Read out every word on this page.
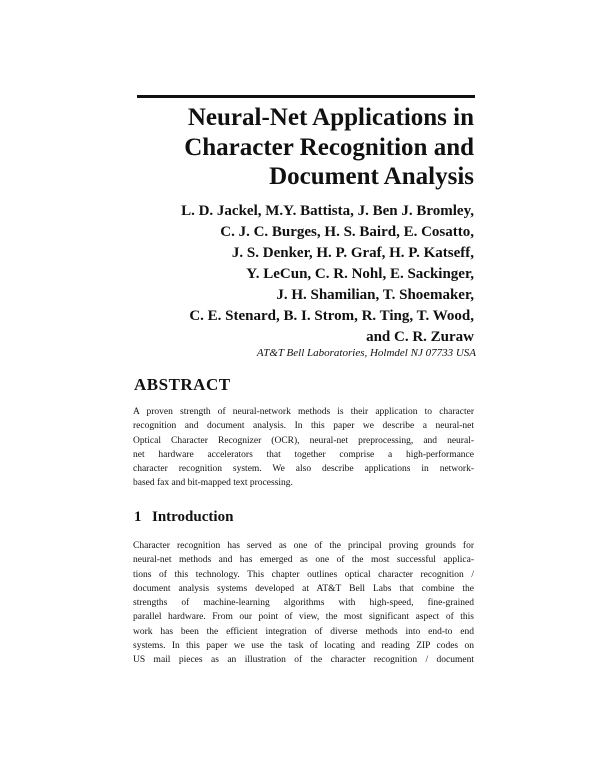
Neural-Net Applications in
Character Recognition and
Document Analysis
L. D. Jackel, M.Y. Battista, J. Ben J. Bromley,
C. J. C. Burges, H. S. Baird, E. Cosatto,
J. S. Denker, H. P. Graf, H. P. Katseff,
Y. LeCun, C. R. Nohl, E. Sackinger,
J. H. Shamilian, T. Shoemaker,
C. E. Stenard, B. I. Strom, R. Ting, T. Wood,
and C. R. Zuraw
AT&T Bell Laboratories, Holmdel NJ 07733 USA
ABSTRACT
A proven strength of neural-network methods is their application to character
recognition and document analysis. In this paper we describe a neural-net
Optical Character Recognizer (OCR), neural-net preprocessing, and neural-
net hardware accelerators that together comprise a high-performance
character recognition system. We also describe applications in network-
based fax and bit-mapped text processing.
1 Introduction
Character recognition has served as one of the principal proving grounds for
neural-net methods and has emerged as one of the most successful applica-
tions of this technology. This chapter outlines optical character recognition /
document analysis systems developed at AT&T Bell Labs that combine the
strengths of machine-learning algorithms with high-speed, fine-grained
parallel hardware. From our point of view, the most significant aspect of this
work has been the efficient integration of diverse methods into end-to end
systems. In this paper we use the task of locating and reading ZIP codes on
US mail pieces as an illustration of the character recognition / document
